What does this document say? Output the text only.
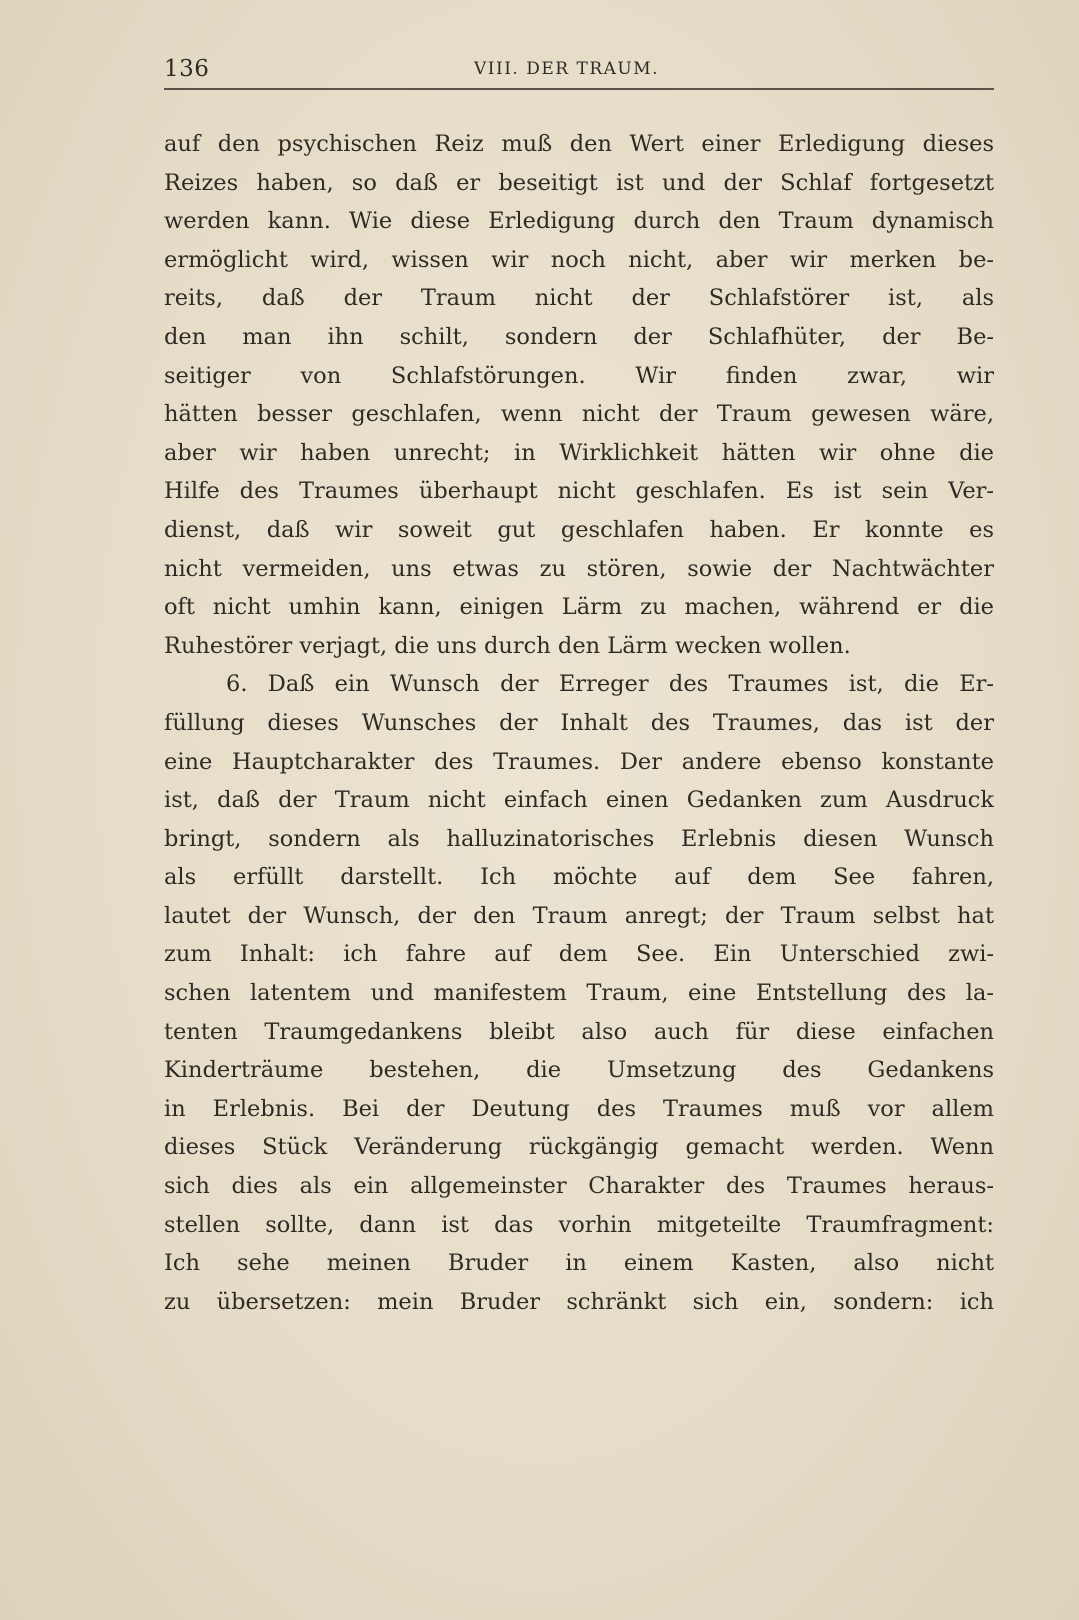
136	VIII. DER TRAUM.
auf den psychischen Reiz muß den Wert einer Erledigung dieses
Reizes haben, so daß er beseitigt ist und der Schlaf fortgesetzt
werden kann. Wie diese Erledigung durch den Traum dynamisch
ermöglicht wird, wissen wir noch nicht, aber wir merken be-
reits, daß der Traum nicht der Schlafstörer ist, als
den man ihn schilt, sondern der Schlafhüter, der Be-
seitiger von Schlafstörungen. Wir finden zwar, wir
hätten besser geschlafen, wenn nicht der Traum gewesen wäre,
aber wir haben unrecht; in Wirklichkeit hätten wir ohne die
Hilfe des Traumes überhaupt nicht geschlafen. Es ist sein Ver-
dienst, daß wir soweit gut geschlafen haben. Er konnte es
nicht vermeiden, uns etwas zu stören, sowie der Nachtwächter
oft nicht umhin kann, einigen Lärm zu machen, während er die
Ruhestörer verjagt, die uns durch den Lärm wecken wollen.
6. Daß ein Wunsch der Erreger des Traumes ist, die Er-
füllung dieses Wunsches der Inhalt des Traumes, das ist der
eine Hauptcharakter des Traumes. Der andere ebenso konstante
ist, daß der Traum nicht einfach einen Gedanken zum Ausdruck
bringt, sondern als halluzinatorisches Erlebnis diesen Wunsch
als erfüllt darstellt. Ich möchte auf dem See fahren,
lautet der Wunsch, der den Traum anregt; der Traum selbst hat
zum Inhalt: ich fahre auf dem See. Ein Unterschied zwi-
schen latentem und manifestem Traum, eine Entstellung des la-
tenten Traumgedankens bleibt also auch für diese einfachen
Kinderträume bestehen, die Umsetzung des Gedankens
in Erlebnis. Bei der Deutung des Traumes muß vor allem
dieses Stück Veränderung rückgängig gemacht werden. Wenn
sich dies als ein allgemeinster Charakter des Traumes heraus-
stellen sollte, dann ist das vorhin mitgeteilte Traumfragment:
Ich sehe meinen Bruder in einem Kasten, also nicht
zu übersetzen: mein Bruder schränkt sich ein, sondern: ich
